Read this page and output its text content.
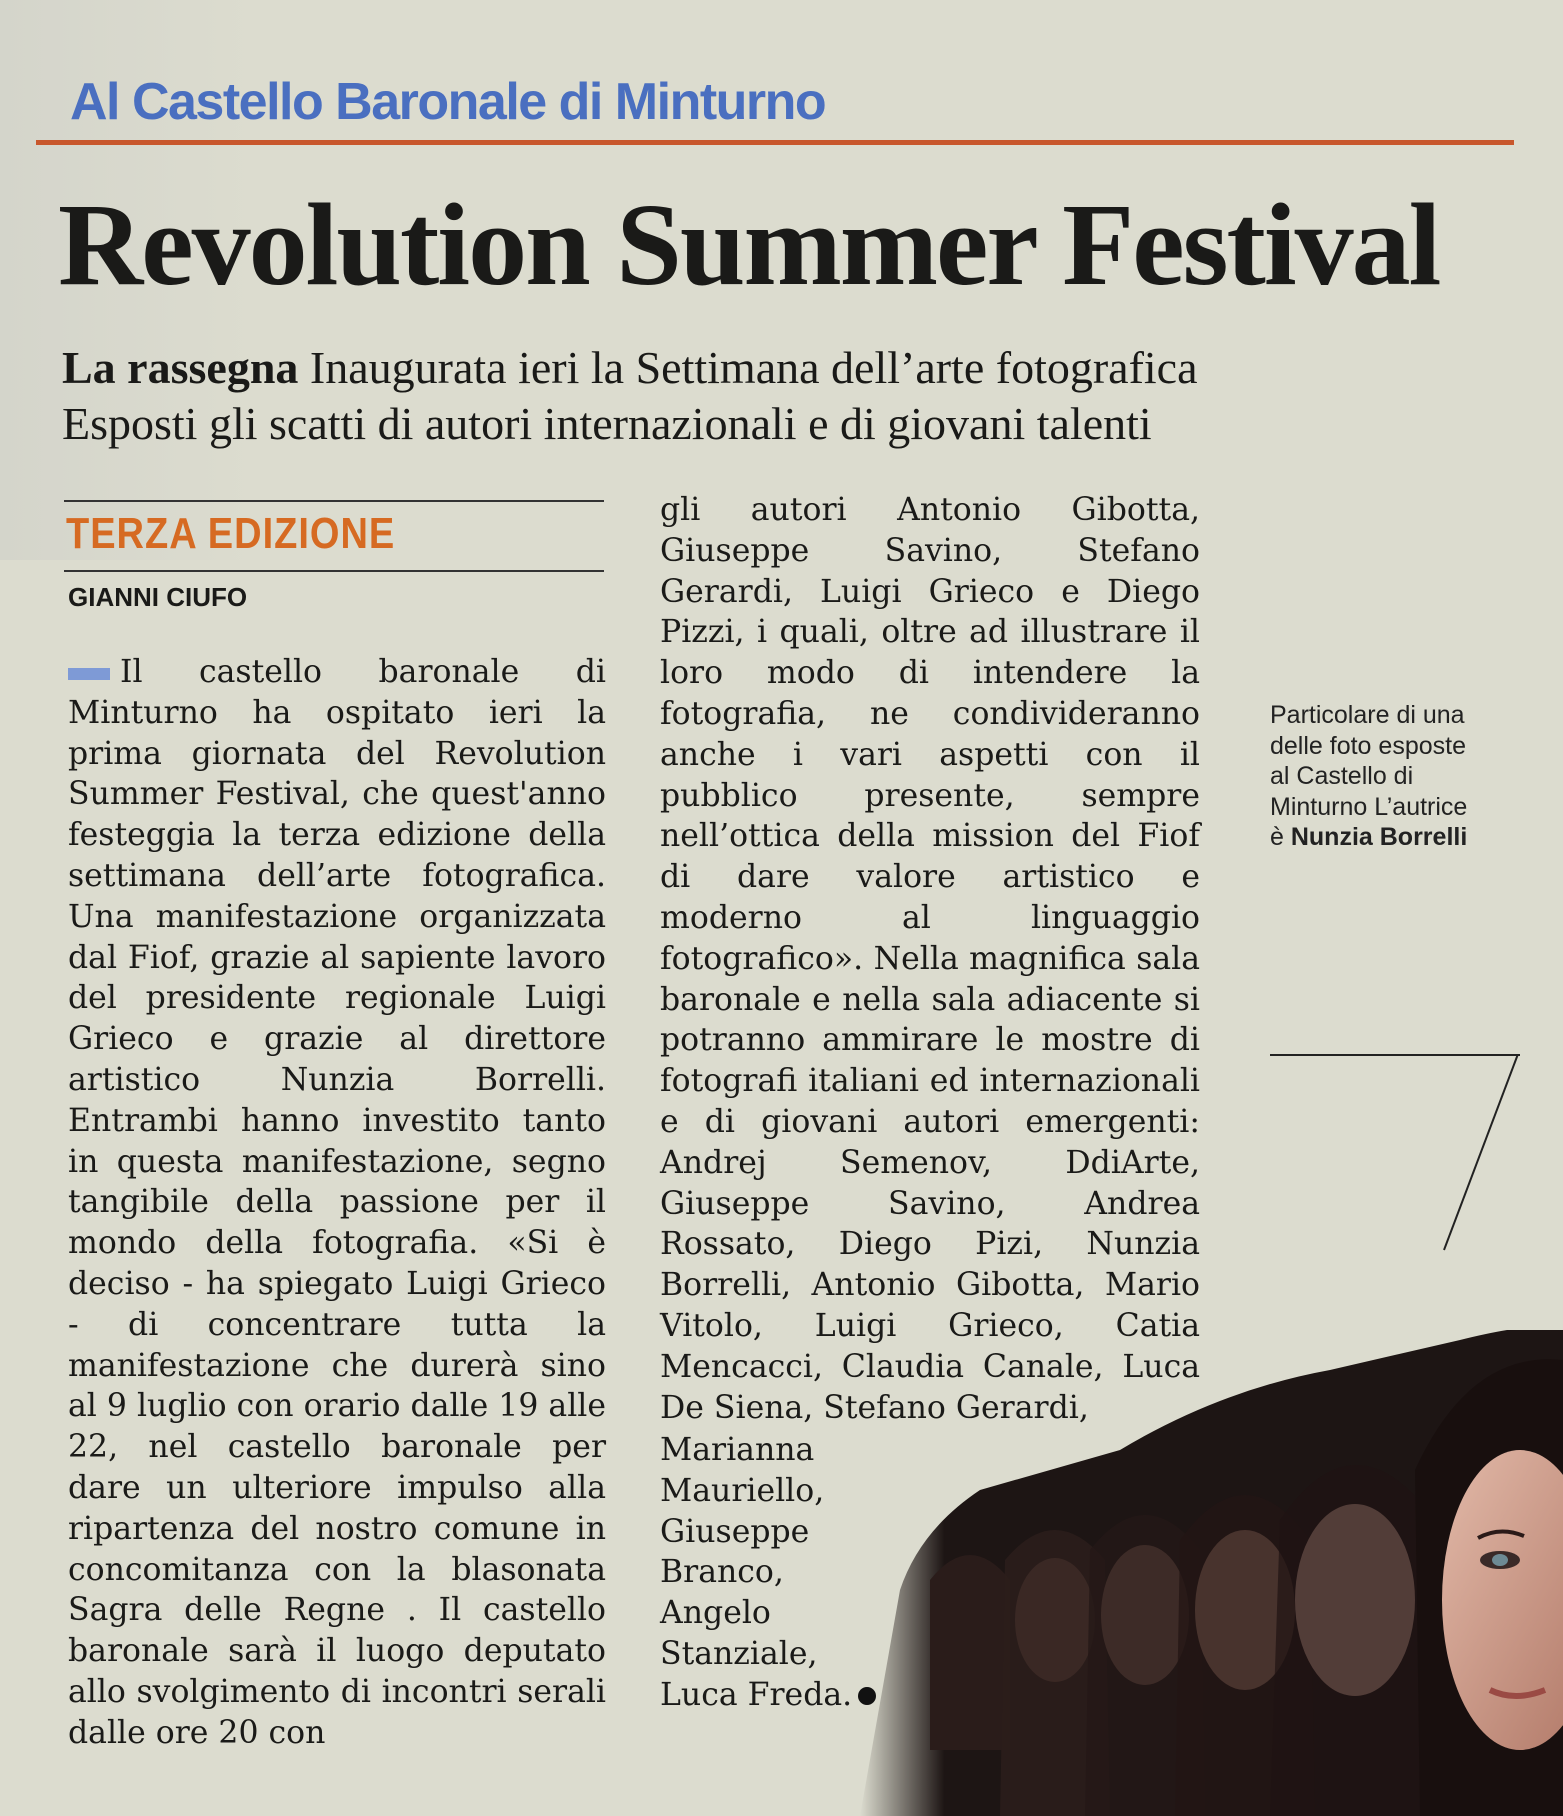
Al Castello Baronale di Minturno
Revolution Summer Festival
La rassegna Inaugurata ieri la Settimana dell’arte fotografica
Esposti gli scatti di autori internazionali e di giovani talenti
TERZA EDIZIONE
GIANNI CIUFO
Il castello baronale di Minturno ha ospitato ieri la prima giornata del Revolution Summer Festival, che quest'anno festeggia la terza edizione della settimana dell’arte fotografica. Una manifestazione organizzata dal Fiof, grazie al sapiente lavoro del presidente regionale Luigi Grieco e grazie al direttore artistico Nunzia Borrelli. Entrambi hanno investito tanto in questa manifestazione, segno tangibile della passione per il mondo della fotografia. «Si è deciso - ha spiegato Luigi Grieco - di concentrare tutta la manifestazione che durerà sino al 9 luglio con orario dalle 19 alle 22, nel castello baronale per dare un ulteriore impulso alla ripartenza del nostro comune in concomitanza con la blasonata Sagra delle Regne . Il castello baronale sarà il luogo deputato allo svolgimento di incontri serali dalle ore 20 con
gli autori Antonio Gibotta, Giuseppe Savino, Stefano Gerardi, Luigi Grieco e Diego Pizzi, i quali, oltre ad illustrare il loro modo di intendere la fotografia, ne condivideranno anche i vari aspetti con il pubblico presente, sempre nell’ottica della mission del Fiof di dare valore artistico e moderno al linguaggio fotografico». Nella magnifica sala baronale e nella sala adiacente si potranno ammirare le mostre di fotografi italiani ed internazionali e di giovani autori emergenti: Andrej Semenov, DdiArte, Giuseppe Savino, Andrea Rossato, Diego Pizi, Nunzia Borrelli, Antonio Gibotta, Mario Vitolo, Luigi Grieco, Catia Mencacci, Claudia Canale, Luca De Siena, Stefano Gerardi,
Marianna Mauriello, Giuseppe Branco, Angelo Stanziale, Luca Freda.
Particolare di una delle foto esposte al Castello di Minturno L’autrice è Nunzia Borrelli
